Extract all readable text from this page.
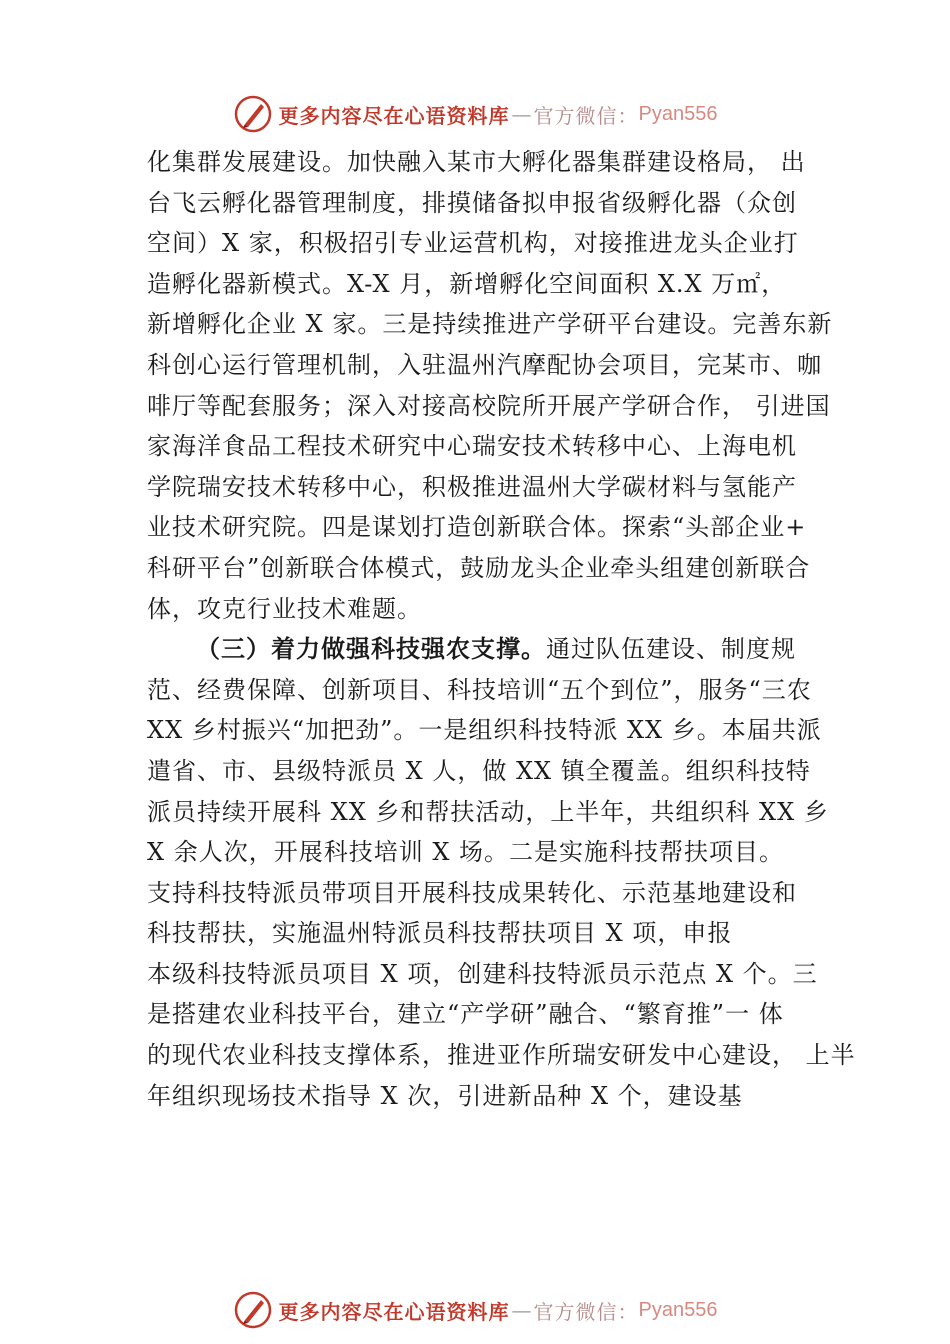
更多内容尽在心语资料库 — 官方微信： Pyan556
化集群发展建设。加快融入某市大孵化器集群建设格局， 出
台飞云孵化器管理制度，排摸储备拟申报省级孵化器（众创
空间）X 家，积极招引专业运营机构，对接推进龙头企业打
造孵化器新模式。X-X 月，新增孵化空间面积 X.X 万㎡，
新增孵化企业 X 家。三是持续推进产学研平台建设。完善东新
科创心运行管理机制，入驻温州汽摩配协会项目，完某市、咖
啡厅等配套服务；深入对接高校院所开展产学研合作， 引进国
家海洋食品工程技术研究中心瑞安技术转移中心、上海电机
学院瑞安技术转移中心，积极推进温州大学碳材料与氢能产
业技术研究院。四是谋划打造创新联合体。探索“头部企业+
科研平台”创新联合体模式，鼓励龙头企业牵头组建创新联合
体，攻克行业技术难题。
（三）着力做强科技强农支撑。通过队伍建设、制度规
范、经费保障、创新项目、科技培训“五个到位”，服务“三农
XX 乡村振兴“加把劲”。一是组织科技特派 XX 乡。本届共派
遣省、市、县级特派员 X 人，做 XX 镇全覆盖。组织科技特
派员持续开展科 XX 乡和帮扶活动，上半年，共组织科 XX 乡
X 余人次，开展科技培训 X 场。二是实施科技帮扶项目。
支持科技特派员带项目开展科技成果转化、示范基地建设和
科技帮扶，实施温州特派员科技帮扶项目 X 项，申报
本级科技特派员项目 X 项，创建科技特派员示范点 X 个。三
是搭建农业科技平台，建立“产学研”融合、“繁育推”一 体
的现代农业科技支撑体系，推进亚作所瑞安研发中心建设， 上半
年组织现场技术指导 X 次，引进新品种 X 个，建设基
更多内容尽在心语资料库 — 官方微信： Pyan556
